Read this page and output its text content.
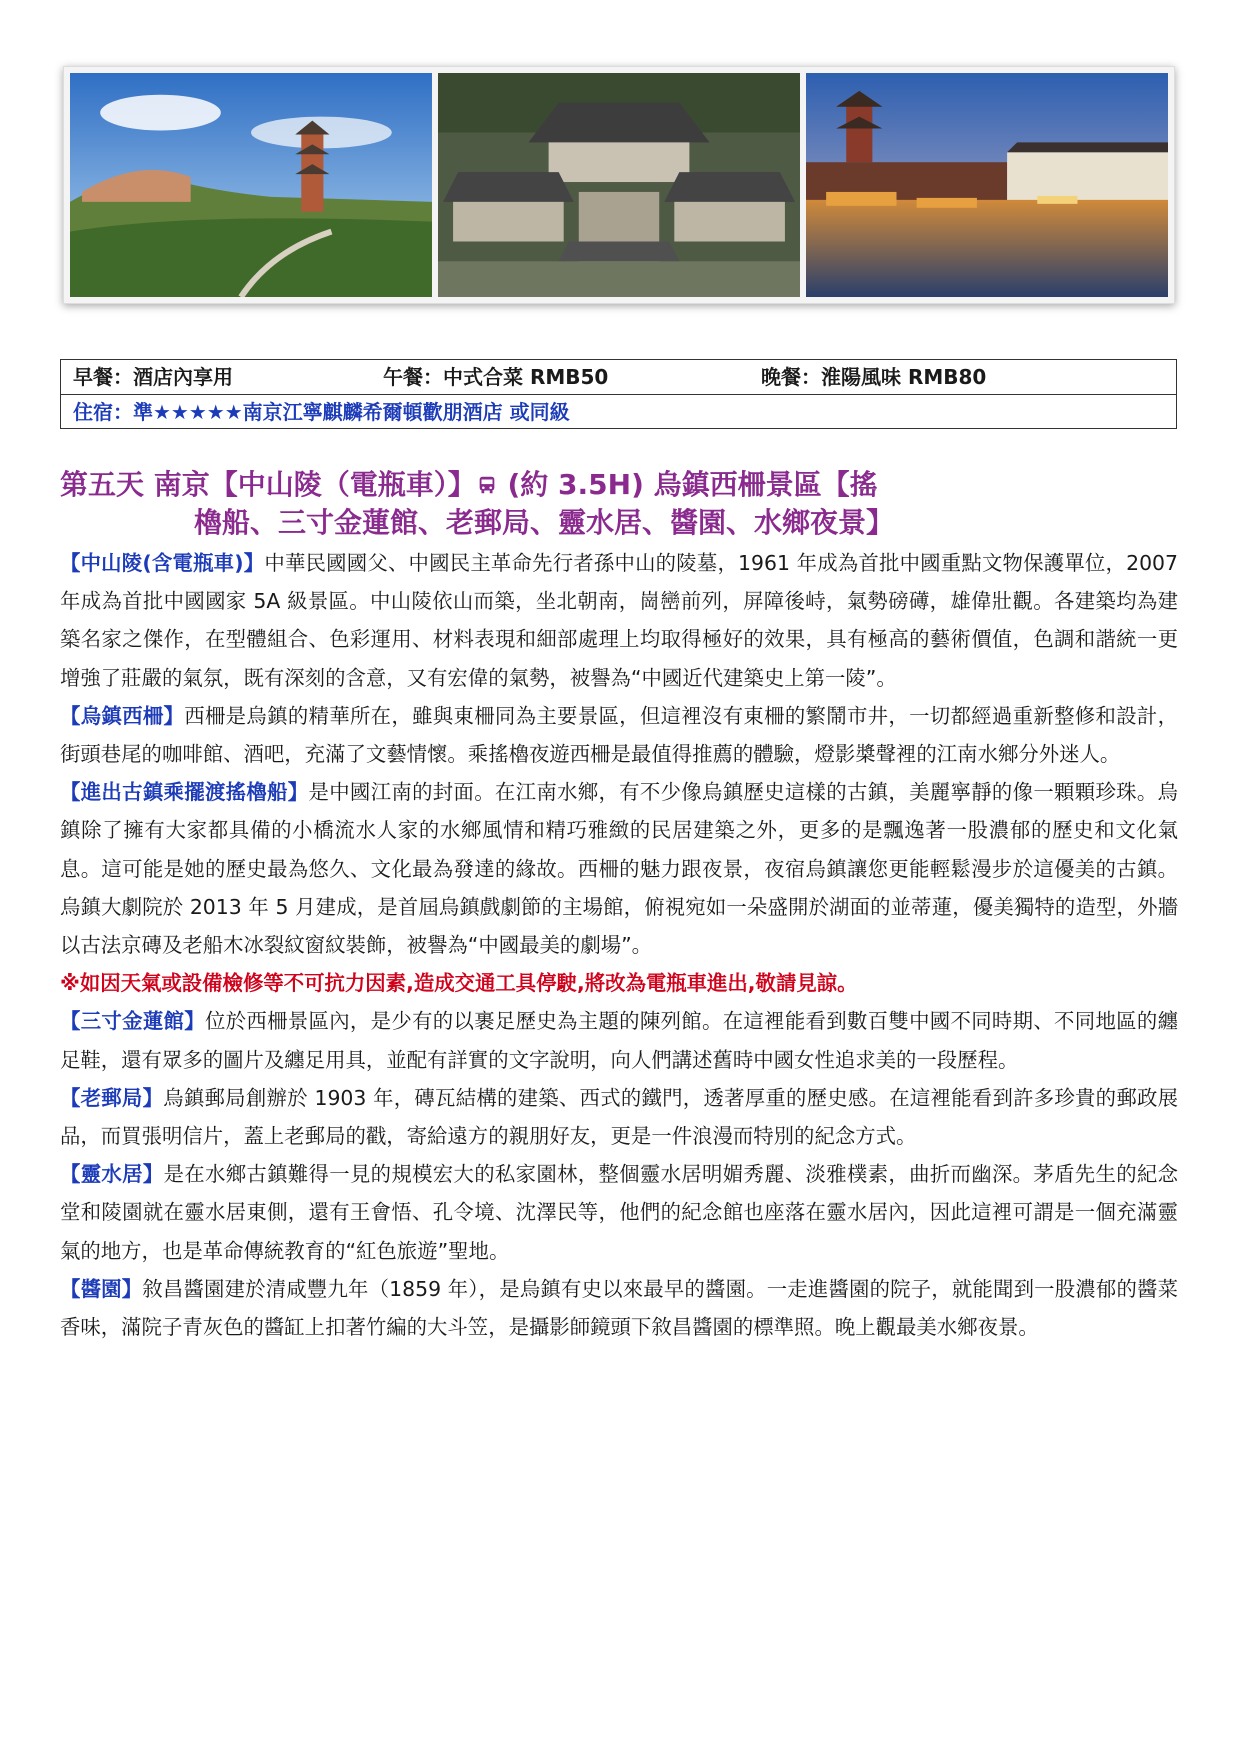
早餐：酒店內享用	午餐：中式合菜 RMB50	晚餐：淮陽風味 RMB80
住宿：準★★★★★南京江寧麒麟希爾頓歡朋酒店 或同級
第五天 南京【中山陵（電瓶車）】 (約 3.5H) 烏鎮西柵景區【搖
櫓船、三寸金蓮館、老郵局、靈水居、醬園、水鄉夜景】

【中山陵(含電瓶車)】中華民國國父、中國民主革命先行者孫中山的陵墓，1961 年成為首批中國重點文物保護單位，2007 年成為首批中國國家 5A 級景區。中山陵依山而築，坐北朝南，崗巒前列，屏障後峙，氣勢磅礡，雄偉壯觀。各建築均為建築名家之傑作，在型體組合、色彩運用、材料表現和細部處理上均取得極好的效果，具有極高的藝術價值，色調和諧統一更增強了莊嚴的氣氛，既有深刻的含意，又有宏偉的氣勢，被譽為“中國近代建築史上第一陵”。

【烏鎮西柵】西柵是烏鎮的精華所在，雖與東柵同為主要景區，但這裡沒有東柵的繁鬧市井，一切都經過重新整修和設計，街頭巷尾的咖啡館、酒吧，充滿了文藝情懷。乘搖櫓夜遊西柵是最值得推薦的體驗，燈影槳聲裡的江南水鄉分外迷人。

【進出古鎮乘擺渡搖櫓船】是中國江南的封面。在江南水鄉，有不少像烏鎮歷史這樣的古鎮，美麗寧靜的像一顆顆珍珠。烏鎮除了擁有大家都具備的小橋流水人家的水鄉風情和精巧雅緻的民居建築之外，更多的是飄逸著一股濃郁的歷史和文化氣息。這可能是她的歷史最為悠久、文化最為發達的緣故。西柵的魅力跟夜景，夜宿烏鎮讓您更能輕鬆漫步於這優美的古鎮。烏鎮大劇院於 2013 年 5 月建成，是首屆烏鎮戲劇節的主場館，俯視宛如一朵盛開於湖面的並蒂蓮，優美獨特的造型，外牆以古法京磚及老船木冰裂紋窗紋裝飾，被譽為“中國最美的劇場”。

※如因天氣或設備檢修等不可抗力因素,造成交通工具停駛,將改為電瓶車進出,敬請見諒。

【三寸金蓮館】位於西柵景區內，是少有的以裹足歷史為主題的陳列館。在這裡能看到數百雙中國不同時期、不同地區的纏足鞋，還有眾多的圖片及纏足用具，並配有詳實的文字說明，向人們講述舊時中國女性追求美的一段歷程。

【老郵局】烏鎮郵局創辦於 1903 年，磚瓦結構的建築、西式的鐵門，透著厚重的歷史感。在這裡能看到許多珍貴的郵政展品，而買張明信片，蓋上老郵局的戳，寄給遠方的親朋好友，更是一件浪漫而特別的紀念方式。

【靈水居】是在水鄉古鎮難得一見的規模宏大的私家園林，整個靈水居明媚秀麗、淡雅樸素，曲折而幽深。茅盾先生的紀念堂和陵園就在靈水居東側，還有王會悟、孔令境、沈澤民等，他們的紀念館也座落在靈水居內，因此這裡可謂是一個充滿靈氣的地方，也是革命傳統教育的“紅色旅遊”聖地。

【醬園】敘昌醬園建於清咸豐九年（1859 年），是烏鎮有史以來最早的醬園。一走進醬園的院子，就能聞到一股濃郁的醬菜香味，滿院子青灰色的醬缸上扣著竹編的大斗笠，是攝影師鏡頭下敘昌醬園的標準照。晚上觀最美水鄉夜景。
